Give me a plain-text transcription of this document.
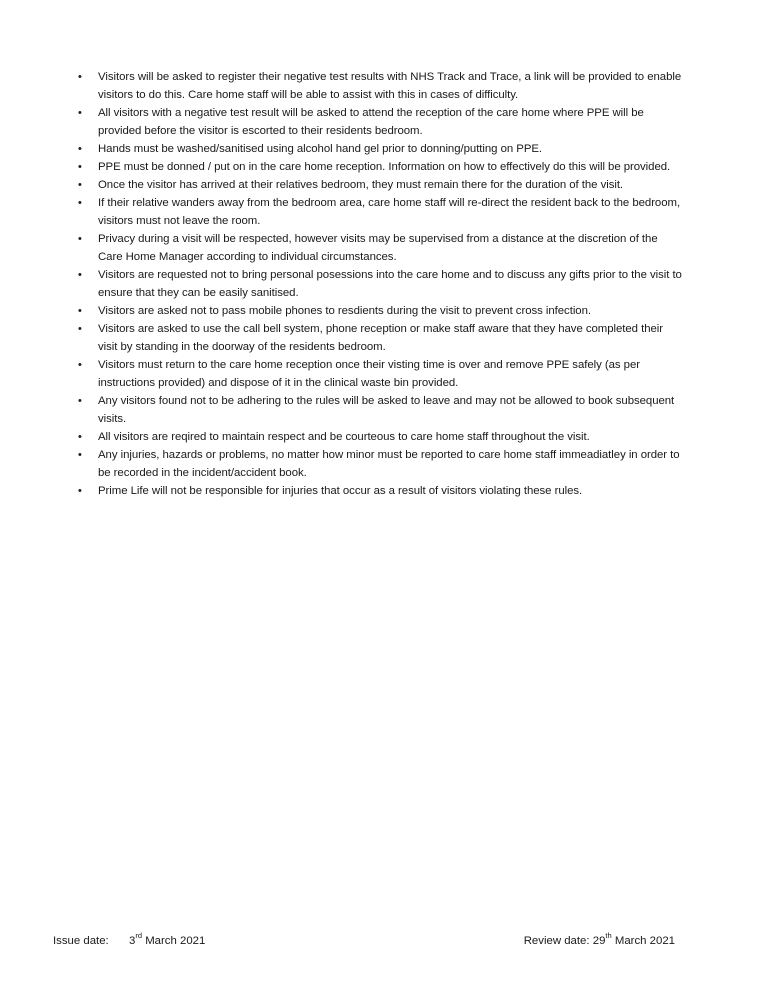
•	Visitors will be asked to register their negative test results with NHS Track and Trace, a link will be provided to enable visitors to do this. Care home staff will be able to assist with this in cases of difficulty.
•	All visitors with a negative test result will be asked to attend the reception of the care home where PPE will be provided before the visitor is escorted to their residents bedroom.
•	Hands must be washed/sanitised using alcohol hand gel prior to donning/putting on PPE.
•	PPE must be donned / put on in the care home reception. Information on how to effectively do this will be provided.
•	Once the visitor has arrived at their relatives bedroom, they must remain there for the duration of the visit.
•	If their relative wanders away from the bedroom area, care home staff will re-direct the resident back to the bedroom, visitors must not leave the room.
•	Privacy during a visit will be respected, however visits may be supervised from a distance at the discretion of the Care Home Manager according to individual circumstances.
•	Visitors are requested not to bring personal posessions into the care home and to discuss any gifts prior to the visit to ensure that they can be easily sanitised.
•	Visitors are asked not to pass mobile phones to resdients during the visit to prevent cross infection.
•	Visitors are asked to use the call bell system, phone reception or make staff aware that they have completed their visit by standing in the doorway of the residents bedroom.
•	Visitors must return to the care home reception once their visting time is over and remove PPE safely (as per instructions provided) and dispose of it in the clinical waste bin provided.
•	Any visitors found not to be adhering to the rules will be asked to leave and may not be allowed to book subsequent visits.
•	All visitors are reqired to maintain respect and be courteous to care home staff throughout the visit.
•	Any injuries, hazards or problems, no matter how minor must be reported to care home staff immeadiatley in order to be recorded in the incident/accident book.
•	Prime Life will not be responsible for injuries that occur as a result of visitors violating these rules.
Issue date: 3rd March 2021	Review date: 29th March 2021
